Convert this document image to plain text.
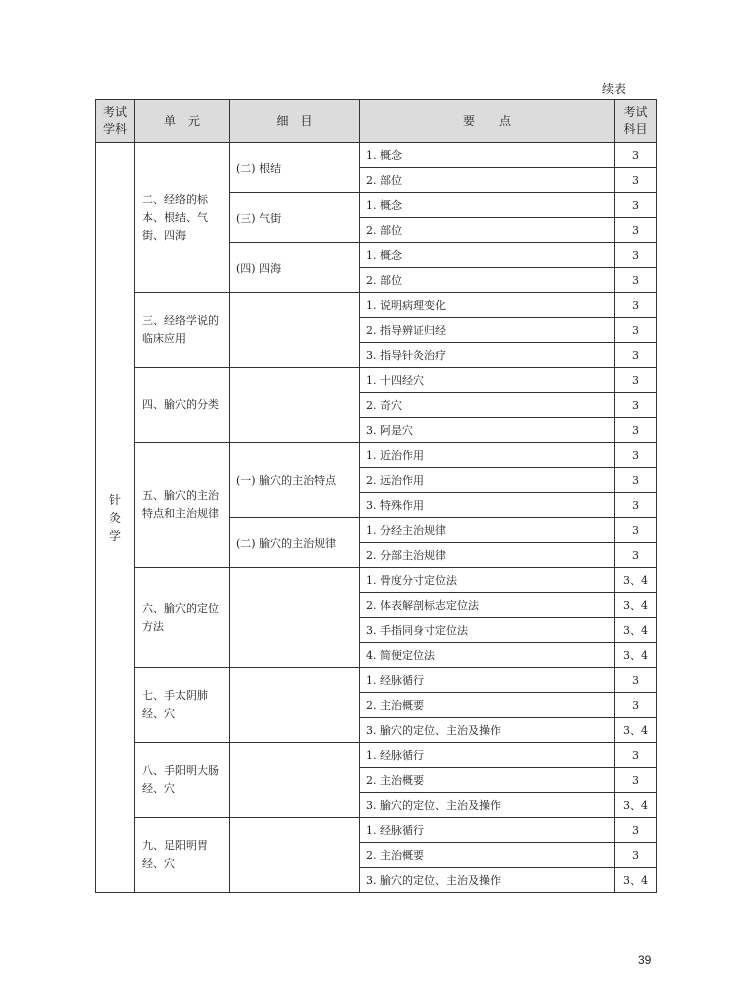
续表
考试学科	单　元	细　目	要　　点	考试科目

针灸学	二、经络的标本、根结、气街、四海	(二) 根结	1. 概念	3
			2. 部位	3
		(三) 气街	1. 概念	3
			2. 部位	3
		(四) 四海	1. 概念	3
			2. 部位	3
	三、经络学说的临床应用		1. 说明病理变化	3
			2. 指导辨证归经	3
			3. 指导针灸治疗	3
	四、腧穴的分类		1. 十四经穴	3
			2. 奇穴	3
			3. 阿是穴	3
	五、腧穴的主治特点和主治规律	(一) 腧穴的主治特点	1. 近治作用	3
			2. 远治作用	3
			3. 特殊作用	3
		(二) 腧穴的主治规律	1. 分经主治规律	3
			2. 分部主治规律	3
	六、腧穴的定位方法		1. 骨度分寸定位法	3、4
			2. 体表解剖标志定位法	3、4
			3. 手指同身寸定位法	3、4
			4. 简便定位法	3、4
	七、手太阴肺经、穴		1. 经脉循行	3
			2. 主治概要	3
			3. 腧穴的定位、主治及操作	3、4
	八、手阳明大肠经、穴		1. 经脉循行	3
			2. 主治概要	3
			3. 腧穴的定位、主治及操作	3、4
	九、足阳明胃经、穴		1. 经脉循行	3
			2. 主治概要	3
			3. 腧穴的定位、主治及操作	3、4
39
